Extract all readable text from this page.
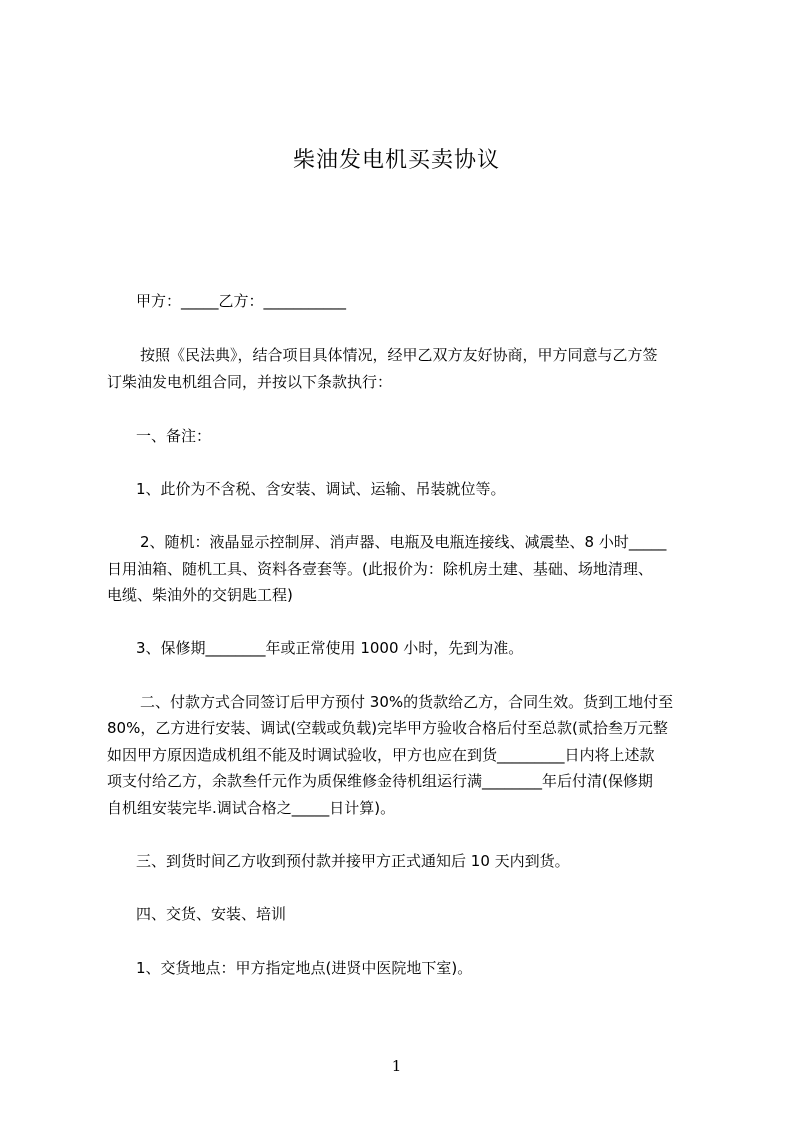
柴油发电机买卖协议
甲方：_____乙方：___________
按照《民法典》，结合项目具体情况，经甲乙双方友好协商，甲方同意与乙方签
订柴油发电机组合同，并按以下条款执行：
一、备注：
1、此价为不含税、含安装、调试、运输、吊装就位等。
2、随机：液晶显示控制屏、消声器、电瓶及电瓶连接线、减震垫、8 小时_____
日用油箱、随机工具、资料各壹套等。(此报价为：除机房土建、基础、场地清理、
电缆、柴油外的交钥匙工程)
3、保修期________年或正常使用 1000 小时，先到为准。
二、付款方式合同签订后甲方预付 30%的货款给乙方，合同生效。货到工地付至
80%，乙方进行安装、调试(空载或负载)完毕甲方验收合格后付至总款(贰拾叁万元整
如因甲方原因造成机组不能及时调试验收，甲方也应在到货_________日内将上述款
项支付给乙方，余款叁仟元作为质保维修金待机组运行满________年后付清(保修期
自机组安装完毕.调试合格之_____日计算)。
三、到货时间乙方收到预付款并接甲方正式通知后 10 天内到货。
四、交货、安装、培训
1、交货地点：甲方指定地点(进贤中医院地下室)。
1
